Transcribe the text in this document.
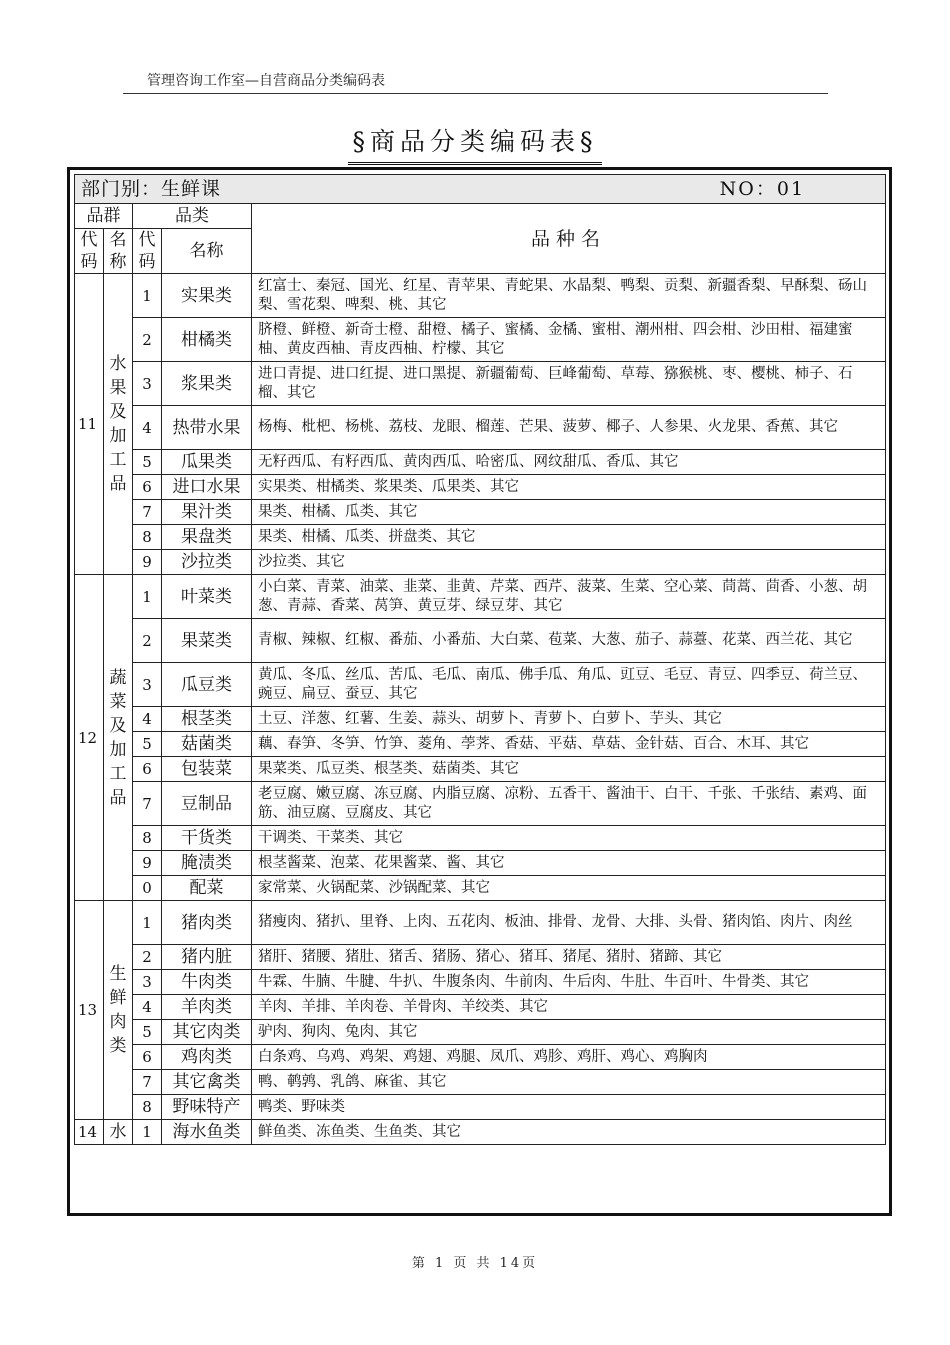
管理咨询工作室—自营商品分类编码表
§商品分类编码表§
部门别：生鲜课 NO：01				

品群		品类		品种名
代码	名称	代码	名称	
11	水果及加工品	1	实果类	红富士、秦冠、国光、红星、青苹果、青蛇果、水晶梨、鸭梨、贡梨、新疆香梨、早酥梨、砀山梨、雪花梨、啤梨、桃、其它
		2	柑橘类	脐橙、鲜橙、新奇士橙、甜橙、橘子、蜜橘、金橘、蜜柑、潮州柑、四会柑、沙田柑、福建蜜柚、黄皮西柚、青皮西柚、柠檬、其它
		3	浆果类	进口青提、进口红提、进口黑提、新疆葡萄、巨峰葡萄、草莓、猕猴桃、枣、樱桃、柿子、石榴、其它
		4	热带水果	杨梅、枇杷、杨桃、荔枝、龙眼、榴莲、芒果、菠萝、椰子、人参果、火龙果、香蕉、其它
		5	瓜果类	无籽西瓜、有籽西瓜、黄肉西瓜、哈密瓜、网纹甜瓜、香瓜、其它
		6	进口水果	实果类、柑橘类、浆果类、瓜果类、其它
		7	果汁类	果类、柑橘、瓜类、其它
		8	果盘类	果类、柑橘、瓜类、拼盘类、其它
		9	沙拉类	沙拉类、其它
12	蔬菜及加工品	1	叶菜类	小白菜、青菜、油菜、韭菜、韭黄、芹菜、西芹、菠菜、生菜、空心菜、茼蒿、茴香、小葱、胡葱、青蒜、香菜、莴笋、黄豆芽、绿豆芽、其它
		2	果菜类	青椒、辣椒、红椒、番茄、小番茄、大白菜、苞菜、大葱、茄子、蒜薹、花菜、西兰花、其它
		3	瓜豆类	黄瓜、冬瓜、丝瓜、苦瓜、毛瓜、南瓜、佛手瓜、角瓜、豇豆、毛豆、青豆、四季豆、荷兰豆、豌豆、扁豆、蚕豆、其它
		4	根茎类	土豆、洋葱、红薯、生姜、蒜头、胡萝卜、青萝卜、白萝卜、芋头、其它
		5	菇菌类	藕、春笋、冬笋、竹笋、菱角、荸荠、香菇、平菇、草菇、金针菇、百合、木耳、其它
		6	包装菜	果菜类、瓜豆类、根茎类、菇菌类、其它
		7	豆制品	老豆腐、嫩豆腐、冻豆腐、内脂豆腐、凉粉、五香干、酱油干、白干、千张、千张结、素鸡、面筋、油豆腐、豆腐皮、其它
		8	干货类	干调类、干菜类、其它
		9	腌渍类	根茎酱菜、泡菜、花果酱菜、酱、其它
		0	配菜	家常菜、火锅配菜、沙锅配菜、其它
13	生鲜肉类	1	猪肉类	猪瘦肉、猪扒、里脊、上肉、五花肉、板油、排骨、龙骨、大排、头骨、猪肉馅、肉片、肉丝
		2	猪内脏	猪肝、猪腰、猪肚、猪舌、猪肠、猪心、猪耳、猪尾、猪肘、猪蹄、其它
		3	牛肉类	牛霖、牛腩、牛腱、牛扒、牛腹条肉、牛前肉、牛后肉、牛肚、牛百叶、牛骨类、其它
		4	羊肉类	羊肉、羊排、羊肉卷、羊骨肉、羊绞类、其它
		5	其它肉类	驴肉、狗肉、兔肉、其它
		6	鸡肉类	白条鸡、乌鸡、鸡架、鸡翅、鸡腿、凤爪、鸡胗、鸡肝、鸡心、鸡胸肉
		7	其它禽类	鸭、鹌鹑、乳鸽、麻雀、其它
		8	野味特产	鸭类、野味类
14	水	1	海水鱼类	鲜鱼类、冻鱼类、生鱼类、其它
第 1 页 共 14页
